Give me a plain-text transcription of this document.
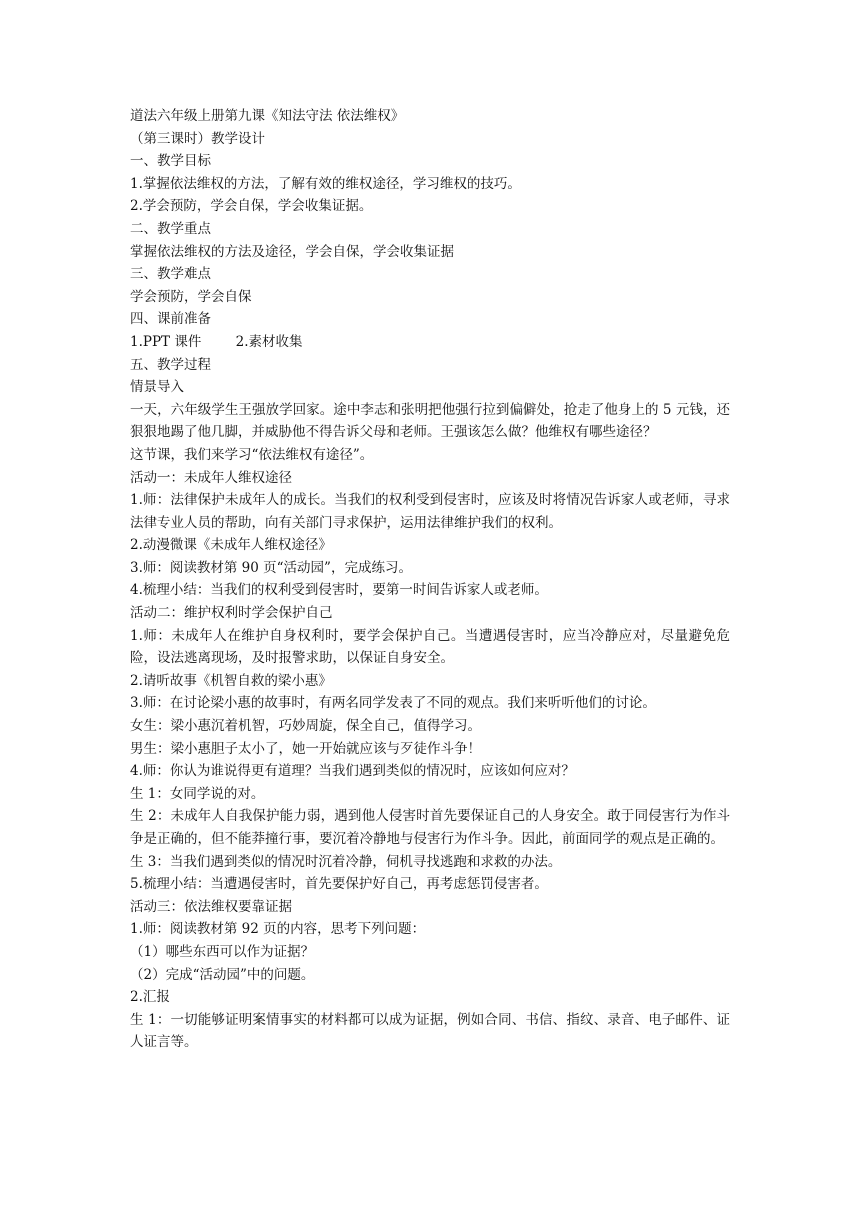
道法六年级上册第九课《知法守法 依法维权》

（第三课时）教学设计

一、教学目标

1.掌握依法维权的方法，了解有效的维权途径，学习维权的技巧。

2.学会预防，学会自保，学会收集证据。

二、教学重点

掌握依法维权的方法及途径，学会自保，学会收集证据

三、教学难点

学会预防，学会自保

四、课前准备

1.PPT 课件        2.素材收集

五、教学过程

情景导入

一天，六年级学生王强放学回家。途中李志和张明把他强行拉到偏僻处，抢走了他身上的 5 元钱，还狠狠地踢了他几脚，并威胁他不得告诉父母和老师。王强该怎么做？他维权有哪些途径？

这节课，我们来学习“依法维权有途径”。

活动一：未成年人维权途径

1.师：法律保护未成年人的成长。当我们的权利受到侵害时，应该及时将情况告诉家人或老师，寻求法律专业人员的帮助，向有关部门寻求保护，运用法律维护我们的权利。

2.动漫微课《未成年人维权途径》

3.师：阅读教材第 90 页“活动园”，完成练习。

4.梳理小结：当我们的权利受到侵害时，要第一时间告诉家人或老师。

活动二：维护权利时学会保护自己

1.师：未成年人在维护自身权利时，要学会保护自己。当遭遇侵害时，应当冷静应对，尽量避免危险，设法逃离现场，及时报警求助，以保证自身安全。

2.请听故事《机智自救的梁小惠》

3.师：在讨论梁小惠的故事时，有两名同学发表了不同的观点。我们来听听他们的讨论。

女生：梁小惠沉着机智，巧妙周旋，保全自己，值得学习。

男生：梁小惠胆子太小了，她一开始就应该与歹徒作斗争！

4.师：你认为谁说得更有道理？当我们遇到类似的情况时，应该如何应对？

生 1：女同学说的对。

生 2：未成年人自我保护能力弱，遇到他人侵害时首先要保证自己的人身安全。敢于同侵害行为作斗争是正确的，但不能莽撞行事，要沉着冷静地与侵害行为作斗争。因此，前面同学的观点是正确的。

生 3：当我们遇到类似的情况时沉着冷静，伺机寻找逃跑和求救的办法。

5.梳理小结：当遭遇侵害时，首先要保护好自己，再考虑惩罚侵害者。

活动三：依法维权要靠证据

1.师：阅读教材第 92 页的内容，思考下列问题：

（1）哪些东西可以作为证据？

（2）完成“活动园”中的问题。

2.汇报

生 1：一切能够证明案情事实的材料都可以成为证据，例如合同、书信、指纹、录音、电子邮件、证人证言等。
